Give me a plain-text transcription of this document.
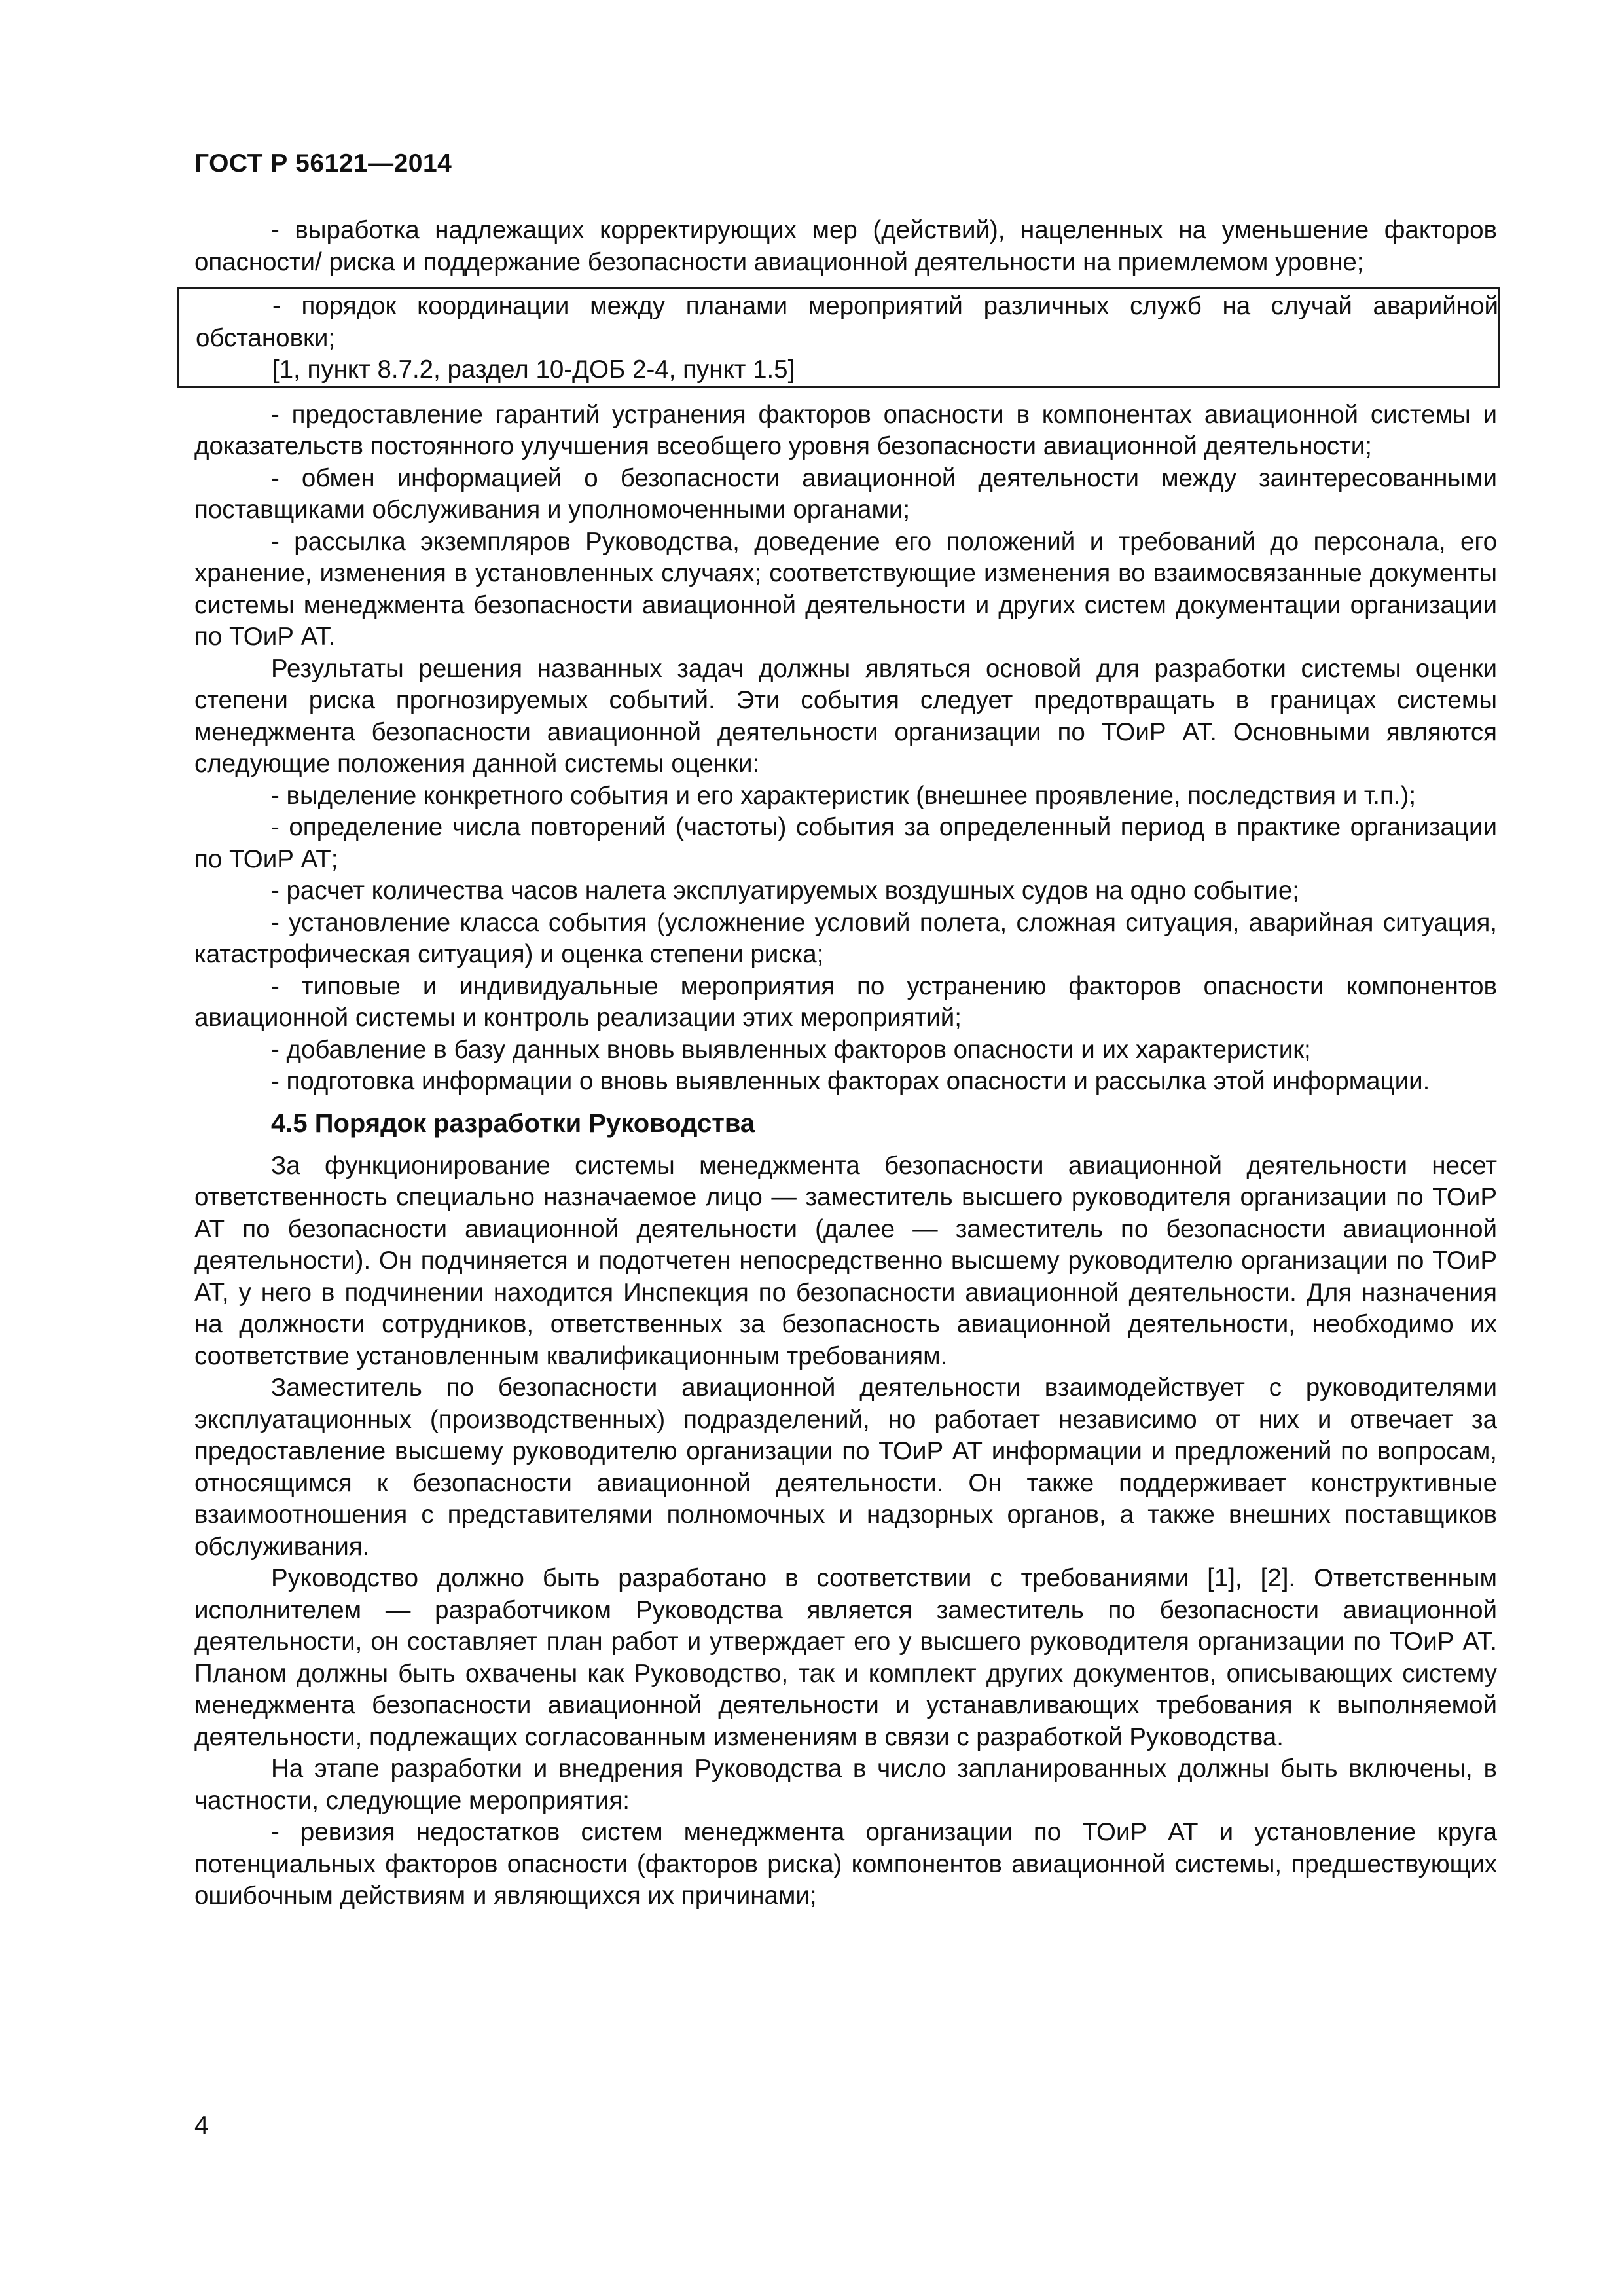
ГОСТ Р 56121—2014

- выработка надлежащих корректирующих мер (действий), нацеленных на уменьшение факторов опасности/ риска и поддержание безопасности авиационной деятельности на приемлемом уровне;

- порядок координации между планами мероприятий различных служб на случай аварийной обстановки;

[1, пункт 8.7.2, раздел 10-ДОБ 2-4, пункт 1.5]

- предоставление гарантий устранения факторов опасности в компонентах авиационной системы и доказательств постоянного улучшения всеобщего уровня безопасности авиационной деятельности;

- обмен информацией о безопасности авиационной деятельности между заинтересованными поставщиками обслуживания и уполномоченными органами;

- рассылка экземпляров Руководства, доведение его положений и требований до персонала, его хранение, изменения в установленных случаях; соответствующие изменения во взаимосвязанные документы системы менеджмента безопасности авиационной деятельности и других систем документации организации по ТОиР АТ.

Результаты решения названных задач должны являться основой для разработки системы оценки степени риска прогнозируемых событий. Эти события следует предотвращать в границах системы менеджмента безопасности авиационной деятельности организации по ТОиР АТ. Основными являются следующие положения данной системы оценки:

- выделение конкретного события и его характеристик (внешнее проявление, последствия и т.п.);

- определение числа повторений (частоты) события за определенный период в практике организации по ТОиР АТ;

- расчет количества часов налета эксплуатируемых воздушных судов на одно событие;

- установление класса события (усложнение условий полета, сложная ситуация, аварийная ситуация, катастрофическая ситуация) и оценка степени риска;

- типовые и индивидуальные мероприятия по устранению факторов опасности компонентов авиационной системы и контроль реализации этих мероприятий;

- добавление в базу данных вновь выявленных факторов опасности и их характеристик;

- подготовка информации о вновь выявленных факторах опасности и рассылка этой информации.

4.5 Порядок разработки Руководства

За функционирование системы менеджмента безопасности авиационной деятельности несет ответственность специально назначаемое лицо — заместитель высшего руководителя организации по ТОиР АТ по безопасности авиационной деятельности (далее — заместитель по безопасности авиационной деятельности). Он подчиняется и подотчетен непосредственно высшему руководителю организации по ТОиР АТ, у него в подчинении находится Инспекция по безопасности авиационной деятельности. Для назначения на должности сотрудников, ответственных за безопасность авиационной деятельности, необходимо их соответствие установленным квалификационным требованиям.

Заместитель по безопасности авиационной деятельности взаимодействует с руководителями эксплуатационных (производственных) подразделений, но работает независимо от них и отвечает за предоставление высшему руководителю организации по ТОиР АТ информации и предложений по вопросам, относящимся к безопасности авиационной деятельности. Он также поддерживает конструктивные взаимоотношения с представителями полномочных и надзорных органов, а также внешних поставщиков обслуживания.

Руководство должно быть разработано в соответствии с требованиями [1], [2]. Ответственным исполнителем — разработчиком Руководства является заместитель по безопасности авиационной деятельности, он составляет план работ и утверждает его у высшего руководителя организации по ТОиР АТ. Планом должны быть охвачены как Руководство, так и комплект других документов, описывающих систему менеджмента безопасности авиационной деятельности и устанавливающих требования к выполняемой деятельности, подлежащих согласованным изменениям в связи с разработкой Руководства.

На этапе разработки и внедрения Руководства в число запланированных должны быть включены, в частности, следующие мероприятия:

- ревизия недостатков систем менеджмента организации по ТОиР АТ и установление круга потенциальных факторов опасности (факторов риска) компонентов авиационной системы, предшествующих ошибочным действиям и являющихся их причинами;

4
